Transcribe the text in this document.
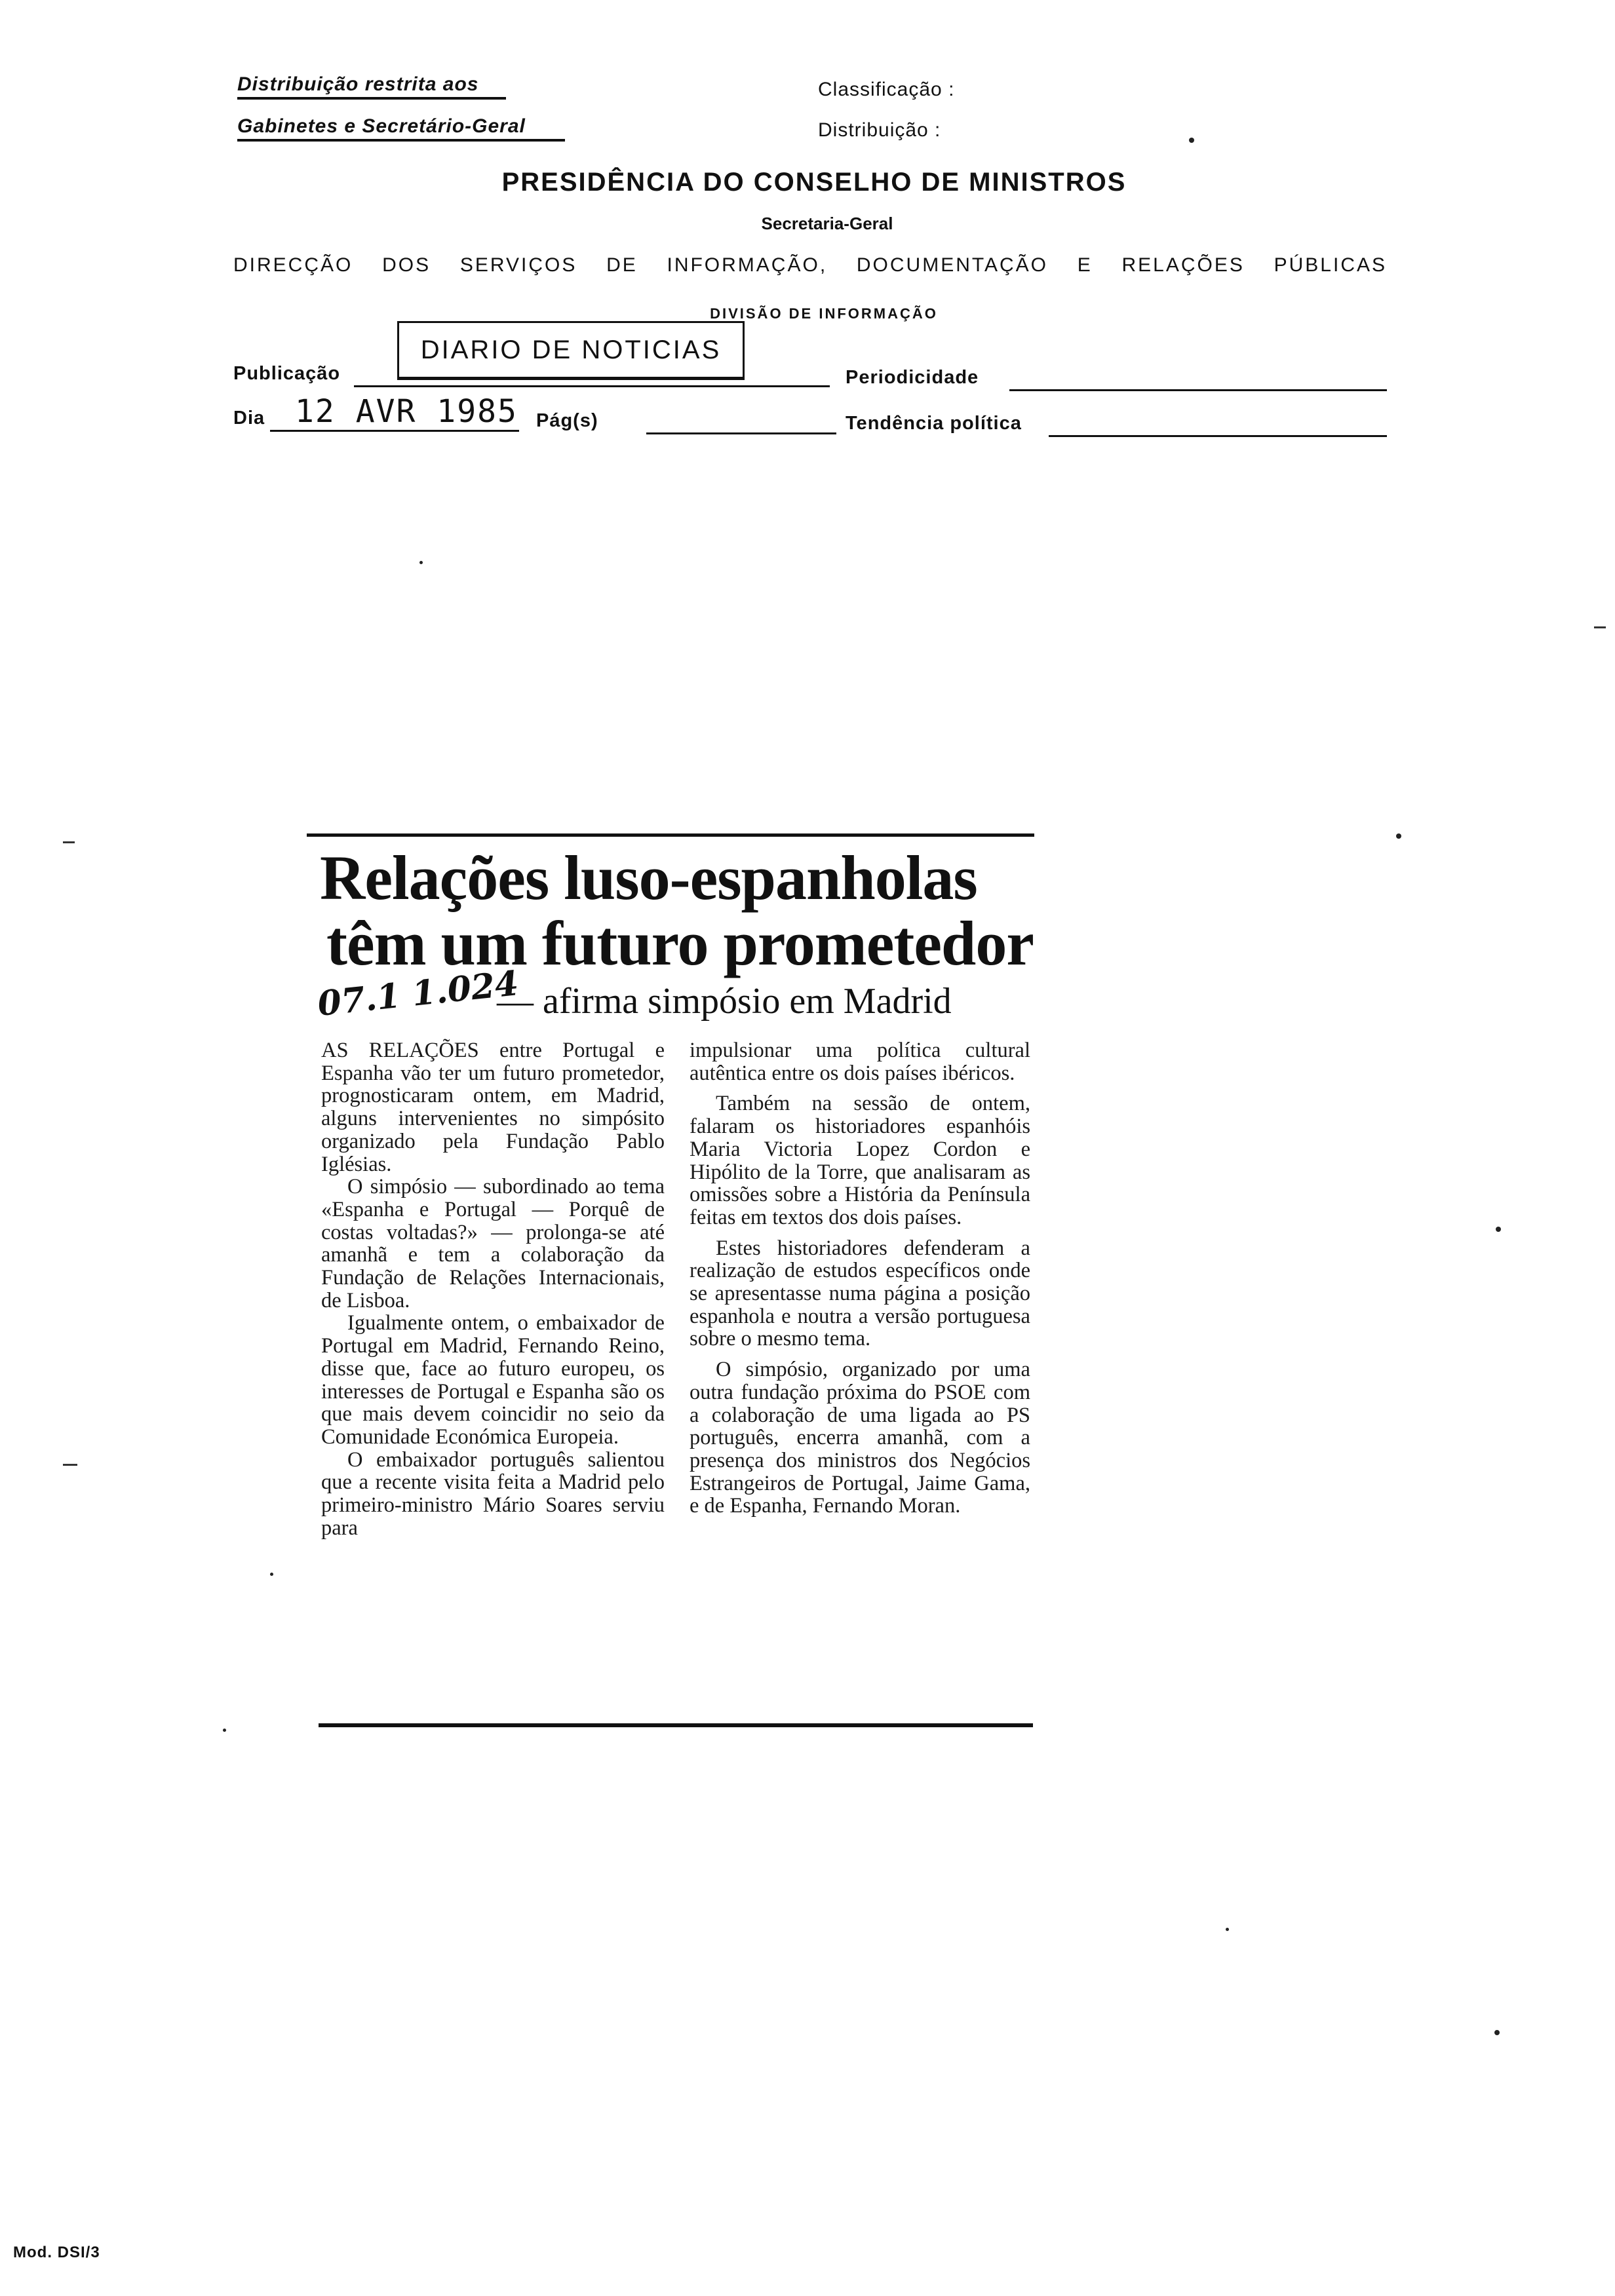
Distribuição restrita aos
Gabinetes e Secretário-Geral
Classificação :
Distribuição :
PRESIDÊNCIA DO CONSELHO DE MINISTROS
Secretaria-Geral
DIRECÇÃO DOS SERVIÇOS DE INFORMAÇÃO, DOCUMENTAÇÃO E RELAÇÕES PÚBLICAS
DIVISÃO DE INFORMAÇÃO
Publicação
DIARIO DE NOTICIAS
Periodicidade
Dia 12 AVR 1985 Pág(s)	Tendência política
Relações luso-espanholas
têm um futuro prometedor
07.1 1.024
— afirma simpósio em Madrid

AS RELAÇÕES entre Portugal e Espanha vão ter um futuro prometedor, prognosticaram ontem, em Madrid, alguns intervenientes no simpósito organizado pela Fundação Pablo Iglésias.

O simpósio — subordinado ao tema «Espanha e Portugal — Porquê de costas voltadas?» — prolonga-se até amanhã e tem a colaboração da Fundação de Relações Internacionais, de Lisboa.

Igualmente ontem, o embaixador de Portugal em Madrid, Fernando Reino, disse que, face ao futuro europeu, os interesses de Portugal e Espanha são os que mais devem coincidir no seio da Comunidade Económica Europeia.

O embaixador português salientou que a recente visita feita a Madrid pelo primeiro-ministro Mário Soares serviu para

impulsionar uma política cultural autêntica entre os dois países ibéricos.

Também na sessão de ontem, falaram os historiadores espanhóis Maria Victoria Lopez Cordon e Hipólito de la Torre, que analisaram as omissões sobre a História da Península feitas em textos dos dois países.

Estes historiadores defenderam a realização de estudos específicos onde se apresentasse numa página a posição espanhola e noutra a versão portuguesa sobre o mesmo tema.

O simpósio, organizado por uma outra fundação próxima do PSOE com a colaboração de uma ligada ao PS português, encerra amanhã, com a presença dos ministros dos Negócios Estrangeiros de Portugal, Jaime Gama, e de Espanha, Fernando Moran.

Mod. DSI/3
